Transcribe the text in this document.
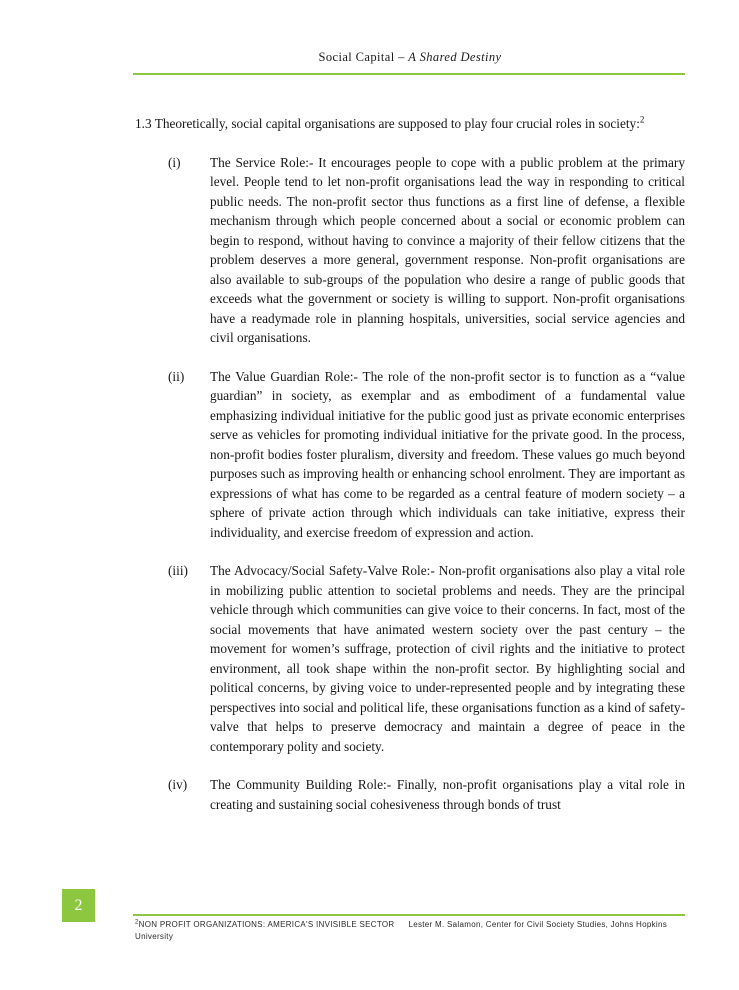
Social Capital – A Shared Destiny

1.3 Theoretically, social capital organisations are supposed to play four crucial roles in society:$^2$

(i) The Service Role:- It encourages people to cope with a public problem at the primary level. People tend to let non-profit organisations lead the way in responding to critical public needs. The non-profit sector thus functions as a first line of defense, a flexible mechanism through which people concerned about a social or economic problem can begin to respond, without having to convince a majority of their fellow citizens that the problem deserves a more general, government response. Non-profit organisations are also available to sub-groups of the population who desire a range of public goods that exceeds what the government or society is willing to support. Non-profit organisations have a readymade role in planning hospitals, universities, social service agencies and civil organisations.
(ii) The Value Guardian Role:- The role of the non-profit sector is to function as a “value guardian” in society, as exemplar and as embodiment of a fundamental value emphasizing individual initiative for the public good just as private economic enterprises serve as vehicles for promoting individual initiative for the private good. In the process, non-profit bodies foster pluralism, diversity and freedom. These values go much beyond purposes such as improving health or enhancing school enrolment. They are important as expressions of what has come to be regarded as a central feature of modern society – a sphere of private action through which individuals can take initiative, express their individuality, and exercise freedom of expression and action.
(iii) The Advocacy/Social Safety-Valve Role:- Non-profit organisations also play a vital role in mobilizing public attention to societal problems and needs. They are the principal vehicle through which communities can give voice to their concerns. In fact, most of the social movements that have animated western society over the past century – the movement for women’s suffrage, protection of civil rights and the initiative to protect environment, all took shape within the non-profit sector. By highlighting social and political concerns, by giving voice to under-represented people and by integrating these perspectives into social and political life, these organisations function as a kind of safety-valve that helps to preserve democracy and maintain a degree of peace in the contemporary polity and society.
(iv) The Community Building Role:- Finally, non-profit organisations play a vital role in creating and sustaining social cohesiveness through bonds of trust
2

$^2$NON PROFIT ORGANIZATIONS: AMERICA'S INVISIBLE SECTOR Lester M. Salamon, Center for Civil Society Studies, Johns Hopkins University
